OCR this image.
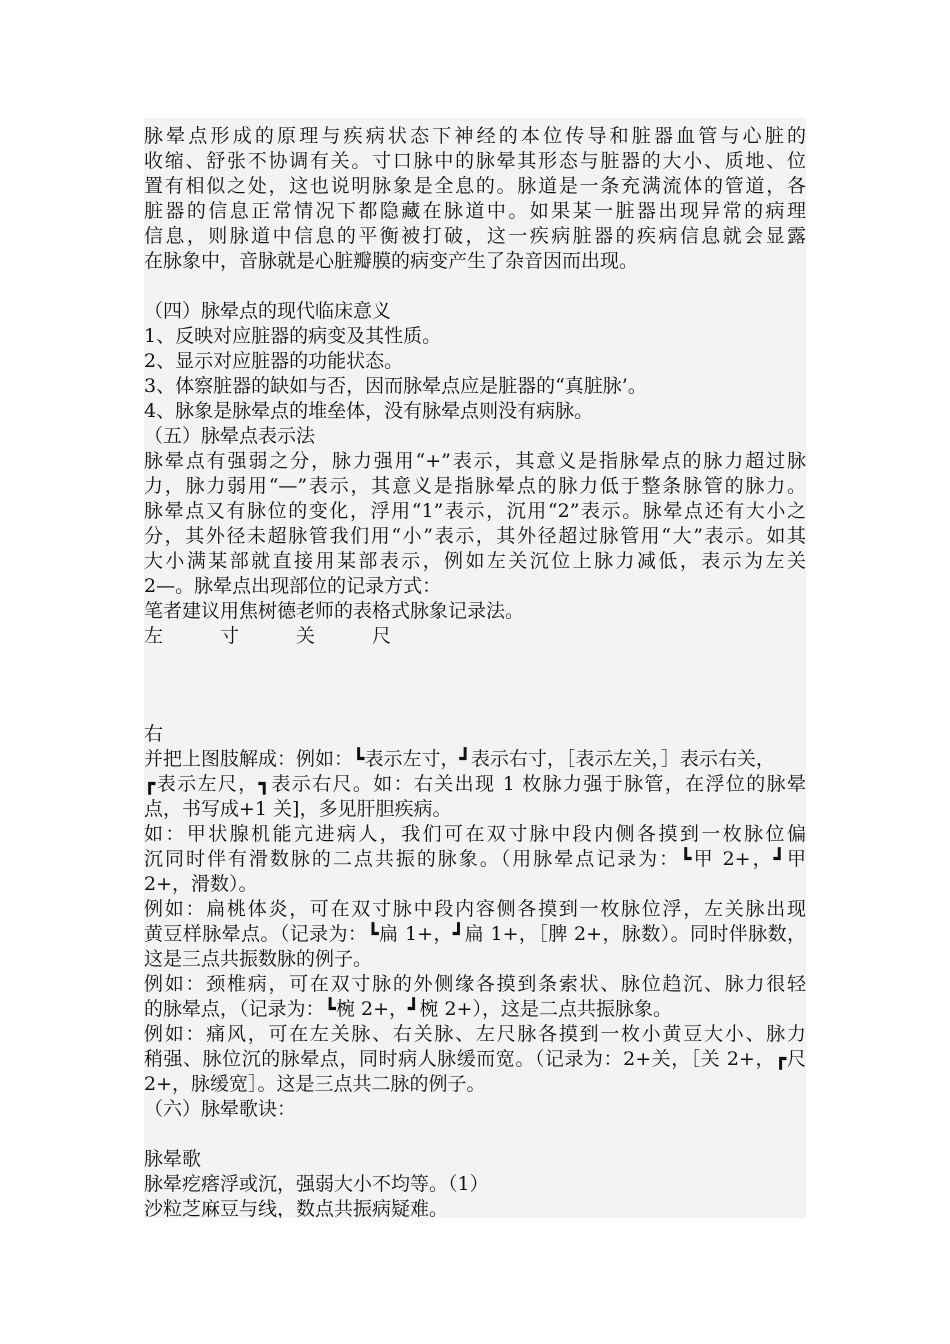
脉晕点形成的原理与疾病状态下神经的本位传导和脏器血管与心脏的
收缩、舒张不协调有关。寸口脉中的脉晕其形态与脏器的大小、质地、位
置有相似之处，这也说明脉象是全息的。脉道是一条充满流体的管道，各
脏器的信息正常情况下都隐藏在脉道中。如果某一脏器出现异常的病理
信息，则脉道中信息的平衡被打破，这一疾病脏器的疾病信息就会显露
在脉象中，音脉就是心脏瓣膜的病变产生了杂音因而出现。
（四）脉晕点的现代临床意义
1、反映对应脏器的病变及其性质。
2、显示对应脏器的功能状态。
3、体察脏器的缺如与否，因而脉晕点应是脏器的“真脏脉’。
4、脉象是脉晕点的堆垒体，没有脉晕点则没有病脉。
（五）脉晕点表示法
脉晕点有强弱之分，脉力强用“+”表示，其意义是指脉晕点的脉力超过脉
力，脉力弱用“—”表示，其意义是指脉晕点的脉力低于整条脉管的脉力。
脉晕点又有脉位的变化，浮用“1”表示，沉用“2”表示。脉晕点还有大小之
分，其外径未超脉管我们用“小”表示，其外径超过脉管用“大”表示。如其
大小满某部就直接用某部表示，例如左关沉位上脉力减低，表示为左关
2—。脉晕点出现部位的记录方式：
笔者建议用焦树德老师的表格式脉象记录法。
左	寸	关	尺
右
并把上图肢解成：例如：┗表示左寸，┛表示右寸，［表示左关，］表示右关，
┏表示左尺，┓表示右尺。如：右关出现 1 枚脉力强于脉管，在浮位的脉晕
点，书写成+1 关]，多见肝胆疾病。
如：甲状腺机能亢进病人，我们可在双寸脉中段内侧各摸到一枚脉位偏
沉同时伴有滑数脉的二点共振的脉象。（用脉晕点记录为：┗甲 2+，┛甲
2+，滑数）。
例如：扁桃体炎，可在双寸脉中段内容侧各摸到一枚脉位浮，左关脉出现
黄豆样脉晕点。（记录为：┗扁 1+，┛扁 1+，［脾 2+，脉数）。同时伴脉数，
这是三点共振数脉的例子。
例如：颈椎病，可在双寸脉的外侧缘各摸到条索状、脉位趋沉、脉力很轻
的脉晕点，（记录为：┗椀 2+，┛椀 2+），这是二点共振脉象。
例如：痛风，可在左关脉、右关脉、左尺脉各摸到一枚小黄豆大小、脉力
稍强、脉位沉的脉晕点，同时病人脉缓而宽。（记录为：2+关，［关 2+，┏尺
2+，脉缓宽］。这是三点共二脉的例子。
（六）脉晕歌诀：
脉晕歌
脉晕疙瘩浮或沉，强弱大小不均等。（1）
沙粒芝麻豆与线，数点共振病疑难。
